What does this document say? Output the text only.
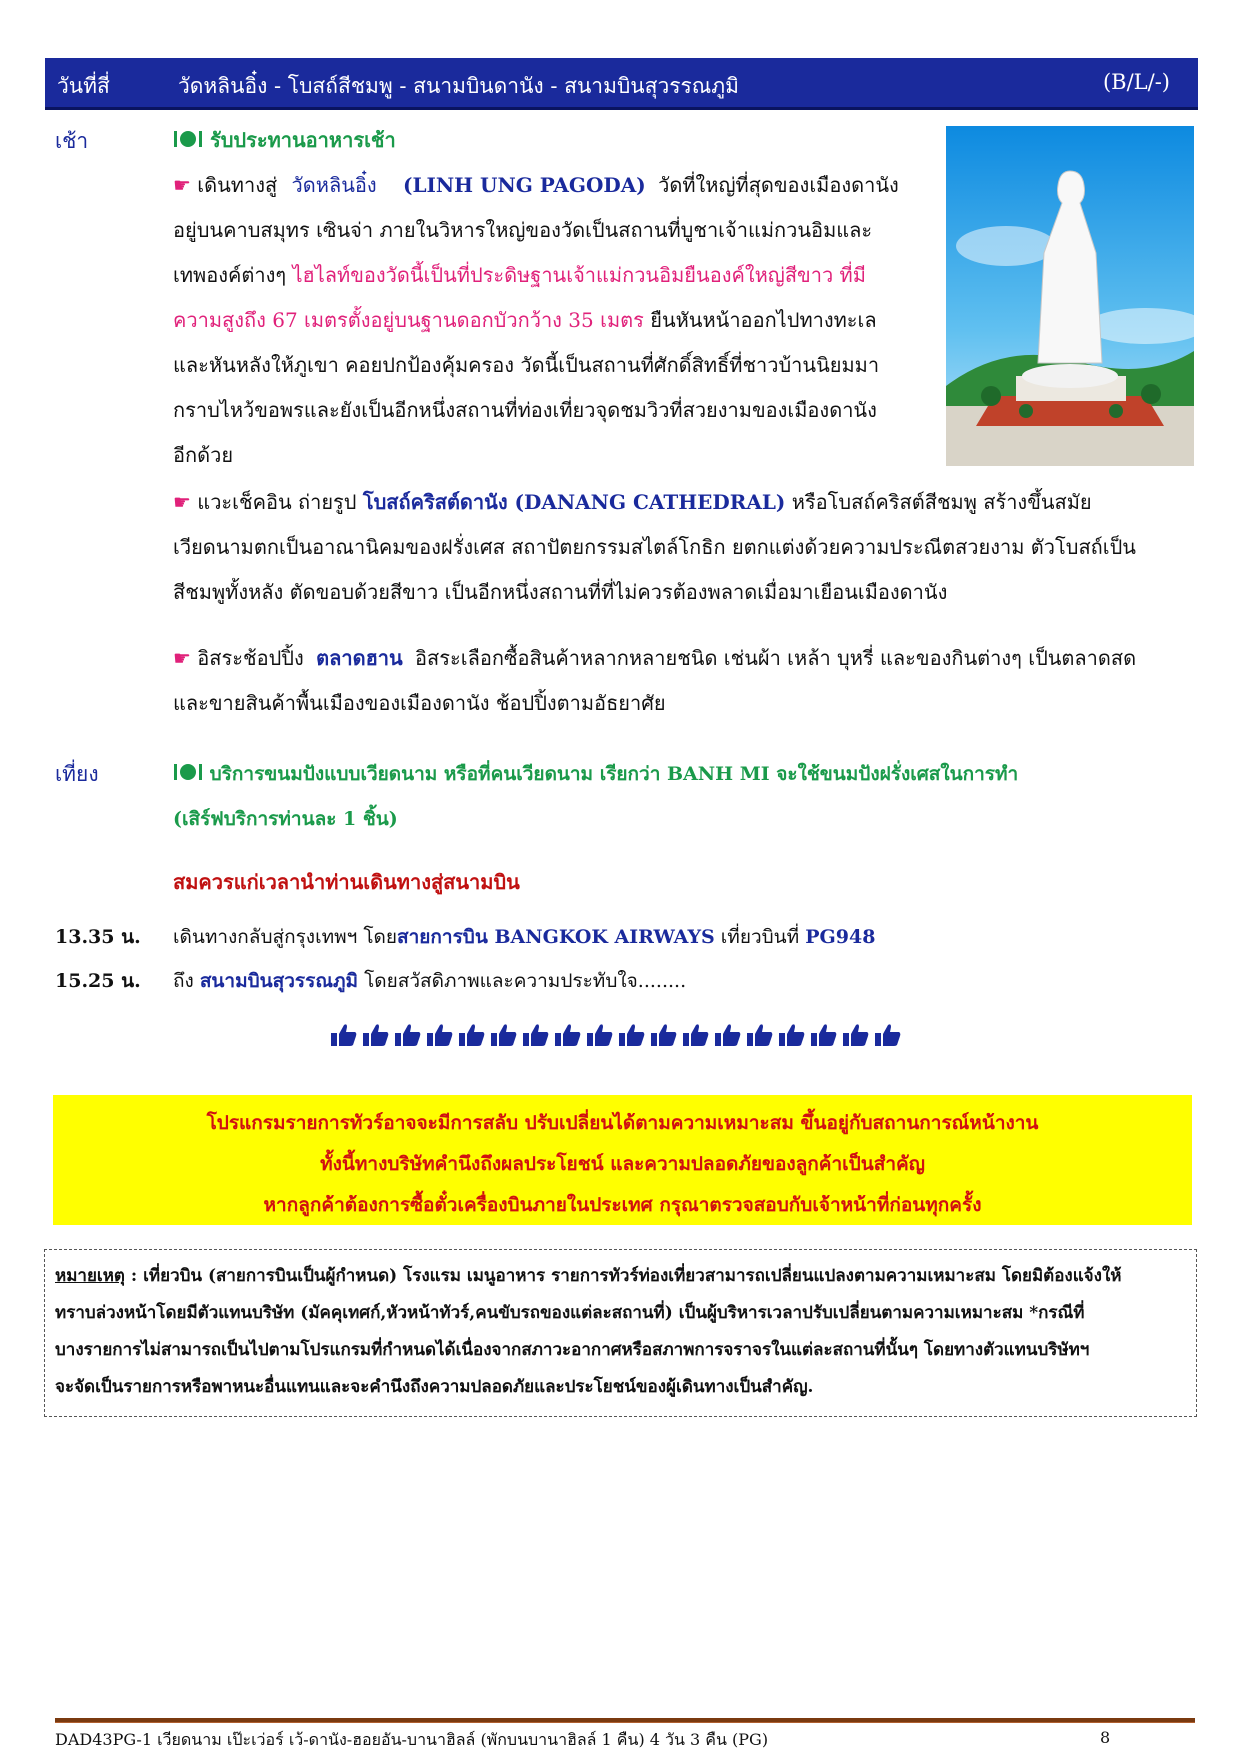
วันที่สี่	วัดหลินอิ๋ง - โบสถ์สีชมพู - สนามบินดานัง - สนามบินสุวรรณภูมิ	(B/L/-)
เช้า	รับประทานอาหารเช้า
☛ เดินทางสู่ วัดหลินอิ๋ง (LINH UNG PAGODA) วัดที่ใหญ่ที่สุดของเมืองดานัง
อยู่บนคาบสมุทร เซินจ่า ภายในวิหารใหญ่ของวัดเป็นสถานที่บูชาเจ้าแม่กวนอิมและ
เทพองค์ต่างๆ ไฮไลท์ของวัดนี้เป็นที่ประดิษฐานเจ้าแม่กวนอิมยืนองค์ใหญ่สีขาว ที่มี
ความสูงถึง 67 เมตรตั้งอยู่บนฐานดอกบัวกว้าง 35 เมตร ยืนหันหน้าออกไปทางทะเล
และหันหลังให้ภูเขา คอยปกป้องคุ้มครอง วัดนี้เป็นสถานที่ศักดิ์สิทธิ์ที่ชาวบ้านนิยมมา
กราบไหว้ขอพรและยังเป็นอีกหนึ่งสถานที่ท่องเที่ยวจุดชมวิวที่สวยงามของเมืองดานัง
อีกด้วย
☛ แวะเช็คอิน ถ่ายรูป โบสถ์คริสต์ดานัง (DANANG CATHEDRAL) หรือโบสถ์คริสต์สีชมพู สร้างขึ้นสมัย
เวียดนามตกเป็นอาณานิคมของฝรั่งเศส สถาปัตยกรรมสไตล์โกธิก ยตกแต่งด้วยความประณีตสวยงาม ตัวโบสถ์เป็น
สีชมพูทั้งหลัง ตัดขอบด้วยสีขาว เป็นอีกหนึ่งสถานที่ที่ไม่ควรต้องพลาดเมื่อมาเยือนเมืองดานัง
☛ อิสระช้อปปิ้ง ตลาดฮาน อิสระเลือกซื้อสินค้าหลากหลายชนิด เช่นผ้า เหล้า บุหรี่ และของกินต่างๆ เป็นตลาดสด
และขายสินค้าพื้นเมืองของเมืองดานัง ช้อปปิ้งตามอัธยาศัย
เที่ยง	บริการขนมปังแบบเวียดนาม หรือที่คนเวียดนาม เรียกว่า BANH MI จะใช้ขนมปังฝรั่งเศสในการทำ
(เสิร์ฟบริการท่านละ 1 ชิ้น)
สมควรแก่เวลานำท่านเดินทางสู่สนามบิน
13.35 น. เดินทางกลับสู่กรุงเทพฯ โดยสายการบิน BANGKOK AIRWAYS เที่ยวบินที่ PG948
15.25 น. ถึง สนามบินสุวรรณภูมิ โดยสวัสดิภาพและความประทับใจ........
โปรแกรมรายการทัวร์อาจจะมีการสลับ ปรับเปลี่ยนได้ตามความเหมาะสม ขึ้นอยู่กับสถานการณ์หน้างาน
ทั้งนี้ทางบริษัทคำนึงถึงผลประโยชน์ และความปลอดภัยของลูกค้าเป็นสำคัญ
หากลูกค้าต้องการซื้อตั๋วเครื่องบินภายในประเทศ กรุณาตรวจสอบกับเจ้าหน้าที่ก่อนทุกครั้ง
หมายเหตุ : เที่ยวบิน (สายการบินเป็นผู้กำหนด) โรงแรม เมนูอาหาร รายการทัวร์ท่องเที่ยวสามารถเปลี่ยนแปลงตามความเหมาะสม โดยมิต้องแจ้งให้
ทราบล่วงหน้าโดยมีตัวแทนบริษัท (มัคคุเทศก์,หัวหน้าทัวร์,คนขับรถของแต่ละสถานที่) เป็นผู้บริหารเวลาปรับเปลี่ยนตามความเหมาะสม *กรณีที่
บางรายการไม่สามารถเป็นไปตามโปรแกรมที่กำหนดได้เนื่องจากสภาวะอากาศหรือสภาพการจราจรในแต่ละสถานที่นั้นๆ โดยทางตัวแทนบริษัทฯ
จะจัดเป็นรายการหรือพาหนะอื่นแทนและจะคำนึงถึงความปลอดภัยและประโยชน์ของผู้เดินทางเป็นสำคัญ.
DAD43PG-1 เวียดนาม เป๊ะเว่อร์ เว้-ดานัง-ฮอยอัน-บานาฮิลล์ (พักบนบานาฮิลล์ 1 คืน) 4 วัน 3 คืน (PG)	8
